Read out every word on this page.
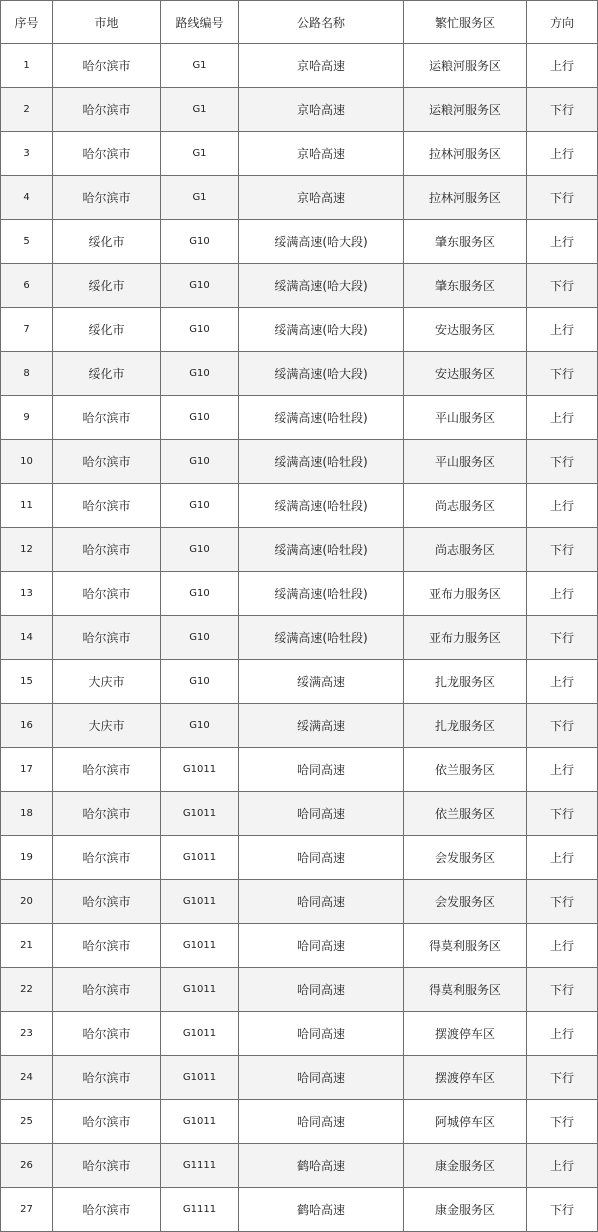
序号	市地	路线编号	公路名称	繁忙服务区	方向
1	哈尔滨市	G1	京哈高速	运粮河服务区	上行
2	哈尔滨市	G1	京哈高速	运粮河服务区	下行
3	哈尔滨市	G1	京哈高速	拉林河服务区	上行
4	哈尔滨市	G1	京哈高速	拉林河服务区	下行
5	绥化市	G10	绥满高速(哈大段)	肇东服务区	上行
6	绥化市	G10	绥满高速(哈大段)	肇东服务区	下行
7	绥化市	G10	绥满高速(哈大段)	安达服务区	上行
8	绥化市	G10	绥满高速(哈大段)	安达服务区	下行
9	哈尔滨市	G10	绥满高速(哈牡段)	平山服务区	上行
10	哈尔滨市	G10	绥满高速(哈牡段)	平山服务区	下行
11	哈尔滨市	G10	绥满高速(哈牡段)	尚志服务区	上行
12	哈尔滨市	G10	绥满高速(哈牡段)	尚志服务区	下行
13	哈尔滨市	G10	绥满高速(哈牡段)	亚布力服务区	上行
14	哈尔滨市	G10	绥满高速(哈牡段)	亚布力服务区	下行
15	大庆市	G10	绥满高速	扎龙服务区	上行
16	大庆市	G10	绥满高速	扎龙服务区	下行
17	哈尔滨市	G1011	哈同高速	依兰服务区	上行
18	哈尔滨市	G1011	哈同高速	依兰服务区	下行
19	哈尔滨市	G1011	哈同高速	会发服务区	上行
20	哈尔滨市	G1011	哈同高速	会发服务区	下行
21	哈尔滨市	G1011	哈同高速	得莫利服务区	上行
22	哈尔滨市	G1011	哈同高速	得莫利服务区	下行
23	哈尔滨市	G1011	哈同高速	摆渡停车区	上行
24	哈尔滨市	G1011	哈同高速	摆渡停车区	下行
25	哈尔滨市	G1011	哈同高速	阿城停车区	下行
26	哈尔滨市	G1111	鹤哈高速	康金服务区	上行
27	哈尔滨市	G1111	鹤哈高速	康金服务区	下行
